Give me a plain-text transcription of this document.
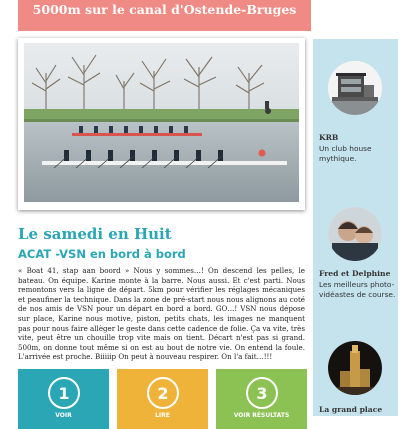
5000m sur le canal d'Ostende-Bruges
Le samedi en Huit
ACAT -VSN en bord à bord

« Boat 41, stap aan boord » Nous y sommes…! On descend les pelles, le bateau. On équipe. Karine monte à la barre. Nous aussi. Et c'est parti. Nous remontons vers la ligne de départ. 5km pour vérifier les réglages mécaniques et peaufiner la technique. Dans la zone de pré-start nous nous alignons au coté de nos amis de VSN pour un départ en bord a bord. GO…! VSN nous dépose sur place, Karine nous motive, piston, petits chats, les images ne manquent pas pour nous faire allèger le geste dans cette cadence de folie. Ça va vite, très vite, peut être un chouille trop vite mais on tient. Décart n'est pas si grand. 500m, on donne tout même si on est au bout de notre vie. On entend la foule. L'arrivée est proche. Biiiiip On peut à nouveau respirer. On l'a fait…!!!

1
VOIR
2
LIRE
3
VOIR RÉSULTATS
KRB
Un club house mythique.
Fred et Delphine
Les meilleurs photo-vidéastes de course.
La grand place
